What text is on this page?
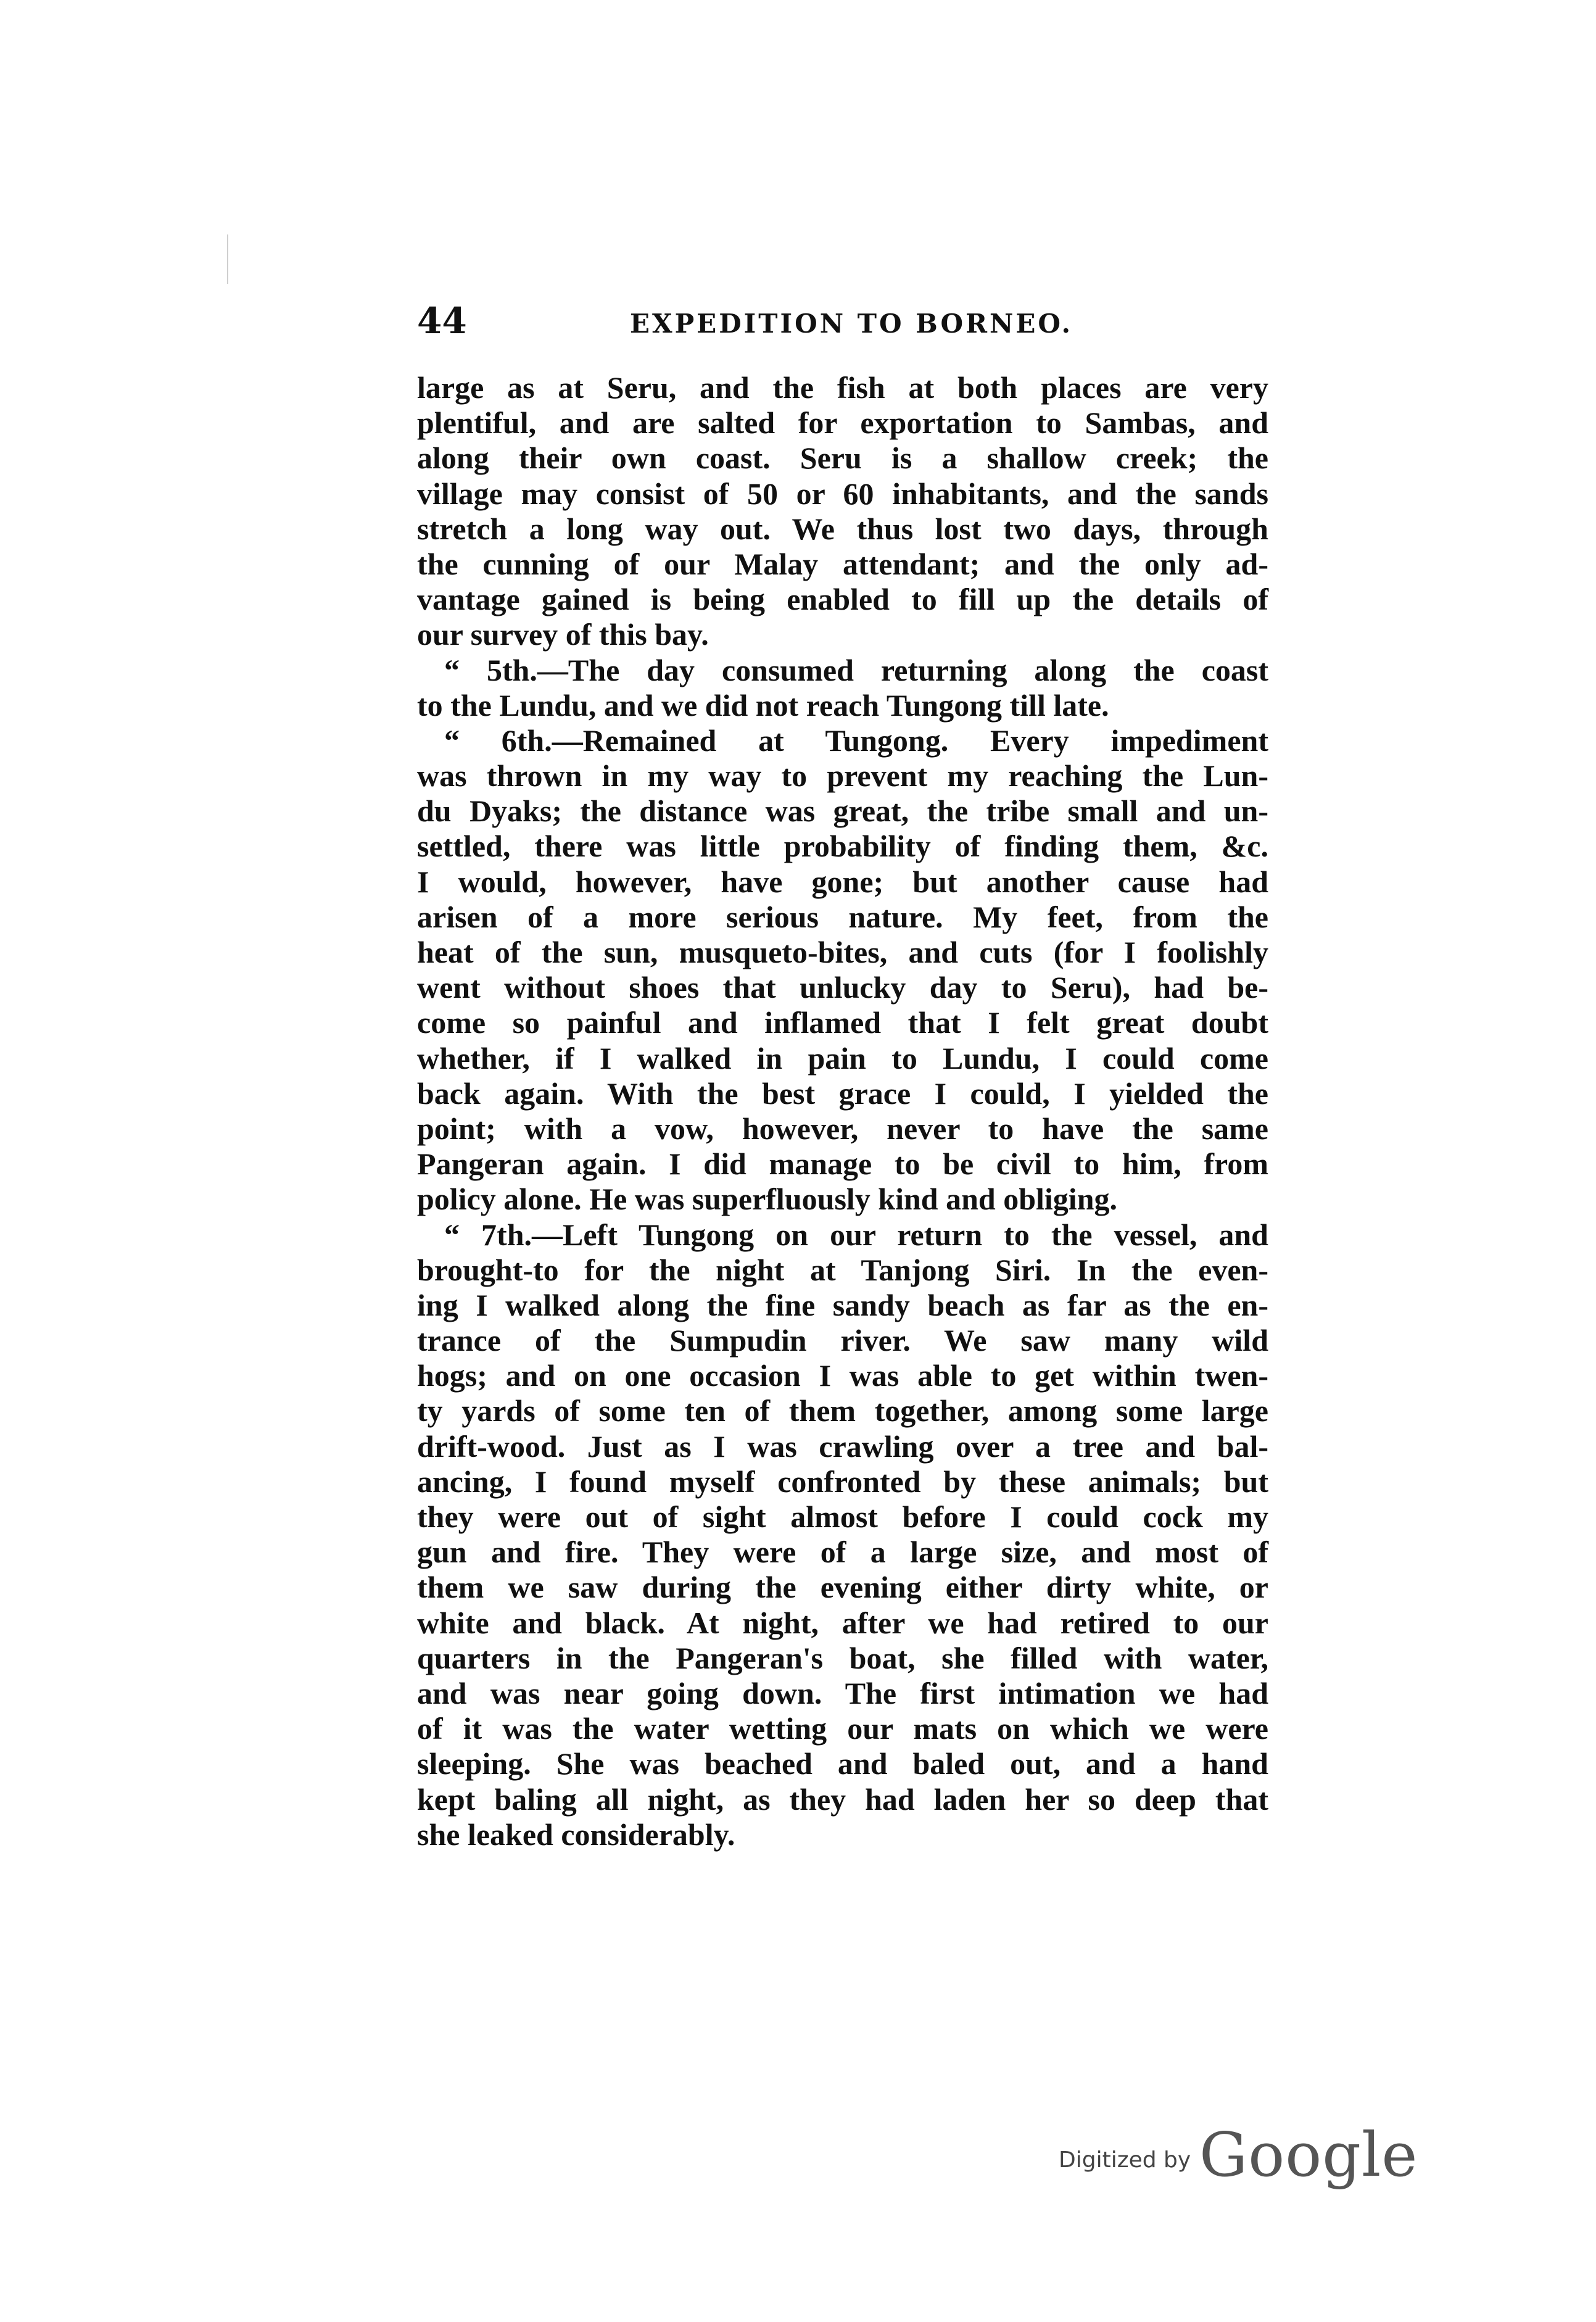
44	EXPEDITION TO BORNEO.
large as at Seru, and the fish at both places are very
plentiful, and are salted for exportation to Sambas, and
along their own coast. Seru is a shallow creek; the
village may consist of 50 or 60 inhabitants, and the sands
stretch a long way out. We thus lost two days, through
the cunning of our Malay attendant; and the only ad-
vantage gained is being enabled to fill up the details of
our survey of this bay.
“ 5th.—The day consumed returning along the coast
to the Lundu, and we did not reach Tungong till late.
“ 6th.—Remained at Tungong. Every impediment
was thrown in my way to prevent my reaching the Lun-
du Dyaks; the distance was great, the tribe small and un-
settled, there was little probability of finding them, &c.
I would, however, have gone; but another cause had
arisen of a more serious nature. My feet, from the
heat of the sun, musqueto-bites, and cuts (for I foolishly
went without shoes that unlucky day to Seru), had be-
come so painful and inflamed that I felt great doubt
whether, if I walked in pain to Lundu, I could come
back again. With the best grace I could, I yielded the
point; with a vow, however, never to have the same
Pangeran again. I did manage to be civil to him, from
policy alone. He was superfluously kind and obliging.
“ 7th.—Left Tungong on our return to the vessel, and
brought-to for the night at Tanjong Siri. In the even-
ing I walked along the fine sandy beach as far as the en-
trance of the Sumpudin river. We saw many wild
hogs; and on one occasion I was able to get within twen-
ty yards of some ten of them together, among some large
drift-wood. Just as I was crawling over a tree and bal-
ancing, I found myself confronted by these animals; but
they were out of sight almost before I could cock my
gun and fire. They were of a large size, and most of
them we saw during the evening either dirty white, or
white and black. At night, after we had retired to our
quarters in the Pangeran's boat, she filled with water,
and was near going down. The first intimation we had
of it was the water wetting our mats on which we were
sleeping. She was beached and baled out, and a hand
kept baling all night, as they had laden her so deep that
she leaked considerably.
Digitized by Google
